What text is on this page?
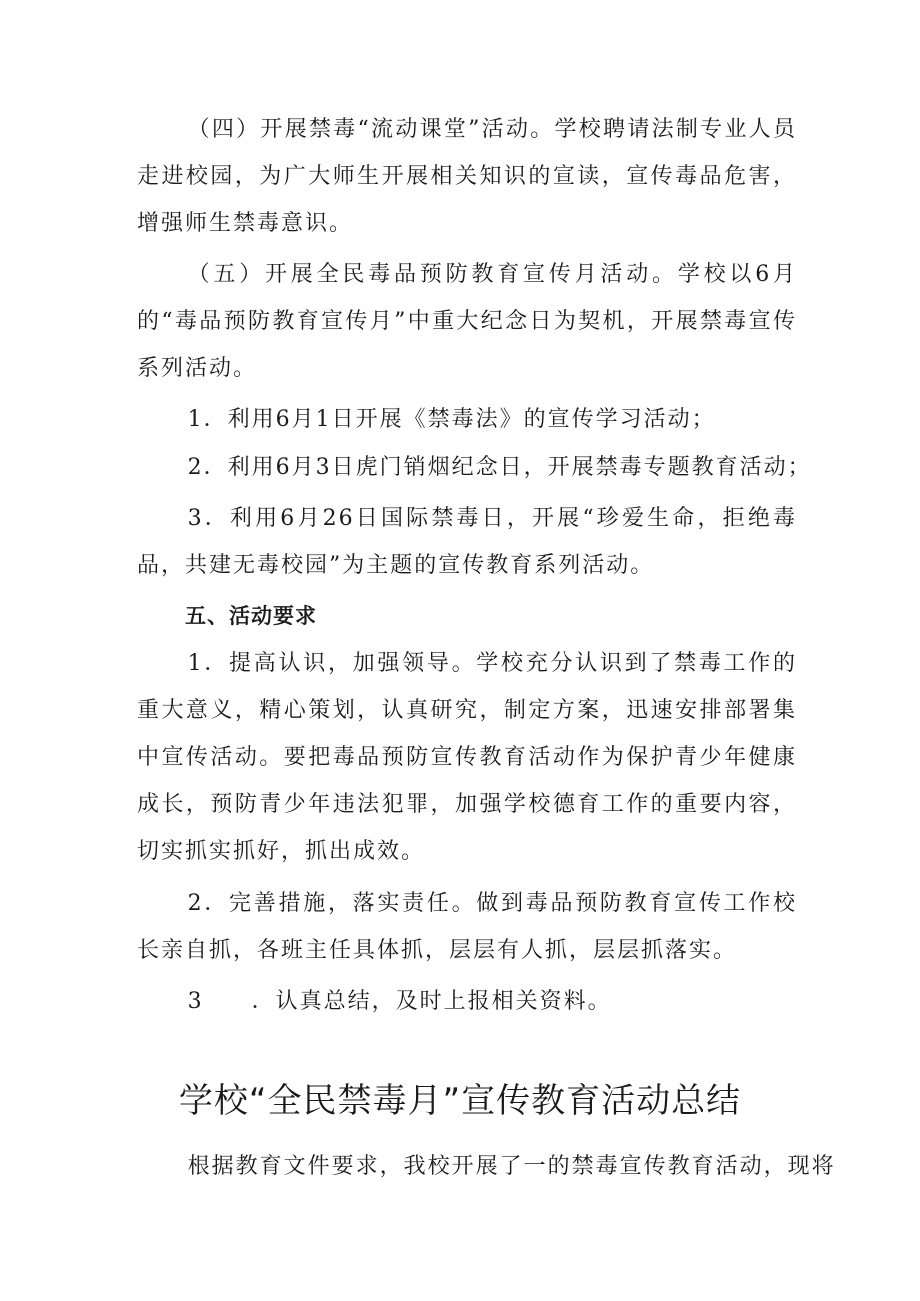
（四）开展禁毒“流动课堂”活动。学校聘请法制专业人员走进校园，为广大师生开展相关知识的宣读，宣传毒品危害，增强师生禁毒意识。

（五）开展全民毒品预防教育宣传月活动。学校以6月的“毒品预防教育宣传月”中重大纪念日为契机，开展禁毒宣传系列活动。

1．利用6月1日开展《禁毒法》的宣传学习活动；

2．利用6月3日虎门销烟纪念日，开展禁毒专题教育活动；

3．利用6月26日国际禁毒日，开展“珍爱生命，拒绝毒品，共建无毒校园”为主题的宣传教育系列活动。

五、活动要求

1．提高认识，加强领导。学校充分认识到了禁毒工作的重大意义，精心策划，认真研究，制定方案，迅速安排部署集中宣传活动。要把毒品预防宣传教育活动作为保护青少年健康成长，预防青少年违法犯罪，加强学校德育工作的重要内容，切实抓实抓好，抓出成效。

2．完善措施，落实责任。做到毒品预防教育宣传工作校长亲自抓，各班主任具体抓，层层有人抓，层层抓落实。

3　　．认真总结，及时上报相关资料。

学校“全民禁毒月”宣传教育活动总结

根据教育文件要求，我校开展了一的禁毒宣传教育活动，现将
